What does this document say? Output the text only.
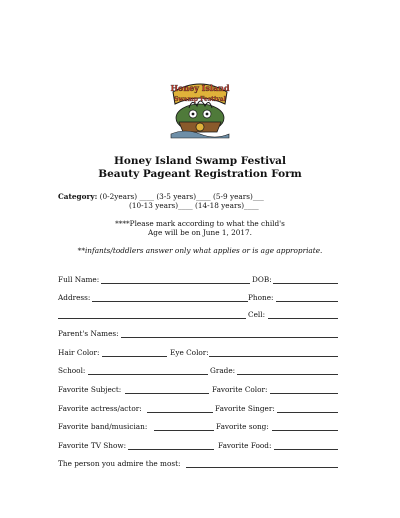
Honey Island
Swamp Festival
Honey Island Swamp Festival
Beauty Pageant Registration Form
Category: (0-2years) ____ (3-5 years)____ (5-9 years)___
(10-13 years)____ (14-18 years)____
****Please mark according to what the child's
Age will be on June 1, 2017.
**infants/toddlers answer only what applies or is age appropriate.
Full Name:	DOB:
Address:	Phone:
Cell:
Parent's Names:
Hair Color:	Eye Color:
School:	Grade:
Favorite Subject:	Favorite Color:
Favorite actress/actor:	Favorite Singer:
Favorite band/musician:	Favorite song:
Favorite TV Show:	Favorite Food:
The person you admire the most:
